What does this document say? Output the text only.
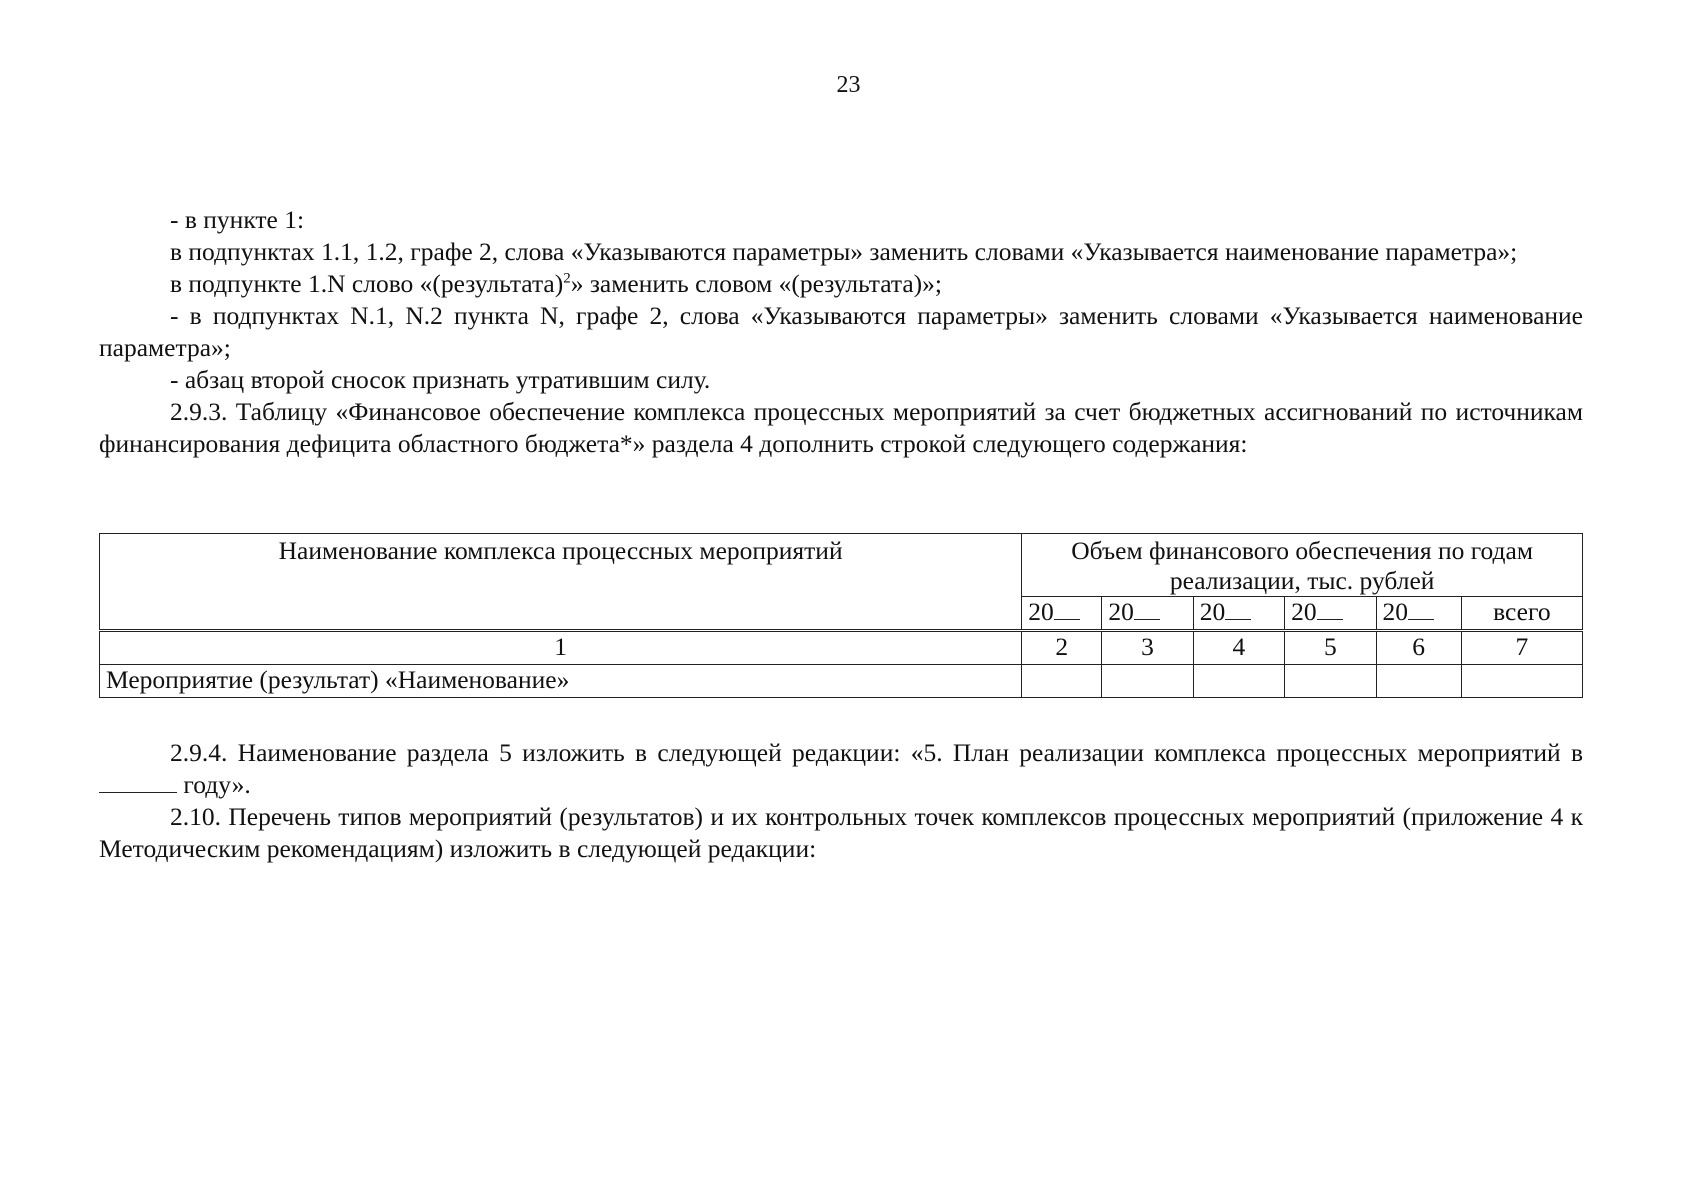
23

- в пункте 1:

в подпунктах 1.1, 1.2, графе 2, слова «Указываются параметры» заменить словами «Указывается наименование параметра»;

в подпункте 1.N слово «(результата)$^2$» заменить словом «(результата)»;

- в подпунктах N.1, N.2 пункта N, графе 2, слова «Указываются параметры» заменить словами «Указывается наименование параметра»;

- абзац второй сносок признать утратившим силу.

2.9.3. Таблицу «Финансовое обеспечение комплекса процессных мероприятий за счет бюджетных ассигнований по источникам финансирования дефицита областного бюджета*» раздела 4 дополнить строкой следующего содержания:

Наименование комплекса процессных мероприятий	Объем финансового обеспечения по годам реализации, тыс. рублей					
	20	20	20	20	20	всего
1	2	3	4	5	6	7
Мероприятие (результат) «Наименование»						

2.9.4. Наименование раздела 5 изложить в следующей редакции: «5. План реализации комплекса процессных мероприятий в  году».

2.10. Перечень типов мероприятий (результатов) и их контрольных точек комплексов процессных мероприятий (приложение 4 к Методическим рекомендациям) изложить в следующей редакции:
